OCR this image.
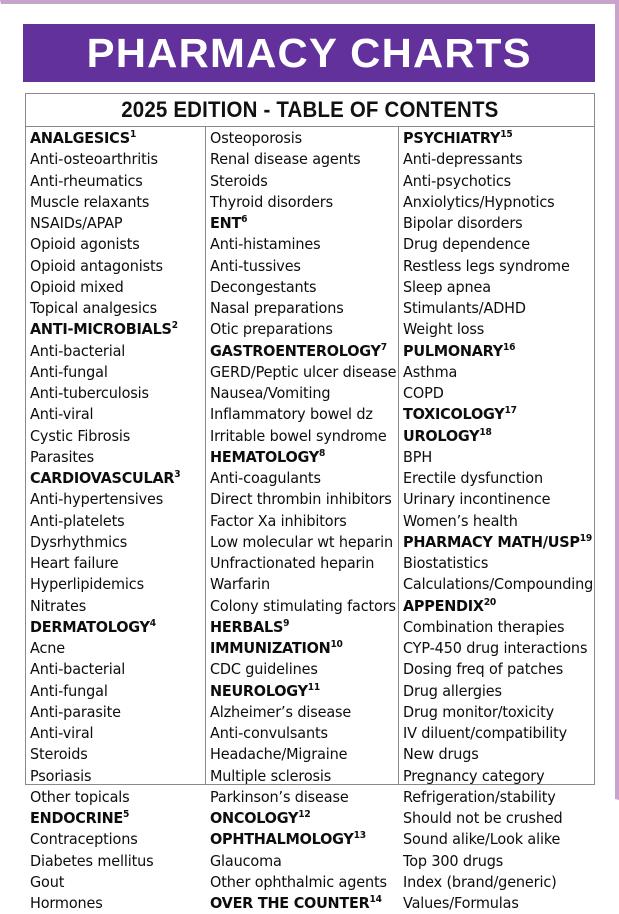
PHARMACY CHARTS
2025 EDITION - TABLE OF CONTENTS
ANALGESICS$^1$
Anti-osteoarthritis
Anti-rheumatics
Muscle relaxants
NSAIDs/APAP
Opioid agonists
Opioid antagonists
Opioid mixed
Topical analgesics
ANTI-MICROBIALS$^2$
Anti-bacterial
Anti-fungal
Anti-tuberculosis
Anti-viral
Cystic Fibrosis
Parasites
CARDIOVASCULAR$^3$
Anti-hypertensives
Anti-platelets
Dysrhythmics
Heart failure
Hyperlipidemics
Nitrates
DERMATOLOGY$^4$
Acne
Anti-bacterial
Anti-fungal
Anti-parasite
Anti-viral
Steroids
Psoriasis
Other topicals
ENDOCRINE$^5$
Contraceptions
Diabetes mellitus
Gout
Hormones
Osteoporosis
Renal disease agents
Steroids
Thyroid disorders
ENT$^6$
Anti-histamines
Anti-tussives
Decongestants
Nasal preparations
Otic preparations
GASTROENTEROLOGY$^7$
GERD/Peptic ulcer disease
Nausea/Vomiting
Inflammatory bowel dz
Irritable bowel syndrome
HEMATOLOGY$^8$
Anti-coagulants
Direct thrombin inhibitors
Factor Xa inhibitors
Low molecular wt heparin
Unfractionated heparin
Warfarin
Colony stimulating factors
HERBALS$^9$
IMMUNIZATION$^{10}$
CDC guidelines
NEUROLOGY$^{11}$
Alzheimer’s disease
Anti-convulsants
Headache/Migraine
Multiple sclerosis
Parkinson’s disease
ONCOLOGY$^{12}$
OPHTHALMOLOGY$^{13}$
Glaucoma
Other ophthalmic agents
OVER THE COUNTER$^{14}$
PSYCHIATRY$^{15}$
Anti-depressants
Anti-psychotics
Anxiolytics/Hypnotics
Bipolar disorders
Drug dependence
Restless legs syndrome
Sleep apnea
Stimulants/ADHD
Weight loss
PULMONARY$^{16}$
Asthma
COPD
TOXICOLOGY$^{17}$
UROLOGY$^{18}$
BPH
Erectile dysfunction
Urinary incontinence
Women’s health
PHARMACY MATH/USP$^{19}$
Biostatistics
Calculations/Compounding
APPENDIX$^{20}$
Combination therapies
CYP-450 drug interactions
Dosing freq of patches
Drug allergies
Drug monitor/toxicity
IV diluent/compatibility
New drugs
Pregnancy category
Refrigeration/stability
Should not be crushed
Sound alike/Look alike
Top 300 drugs
Index (brand/generic)
Values/Formulas
